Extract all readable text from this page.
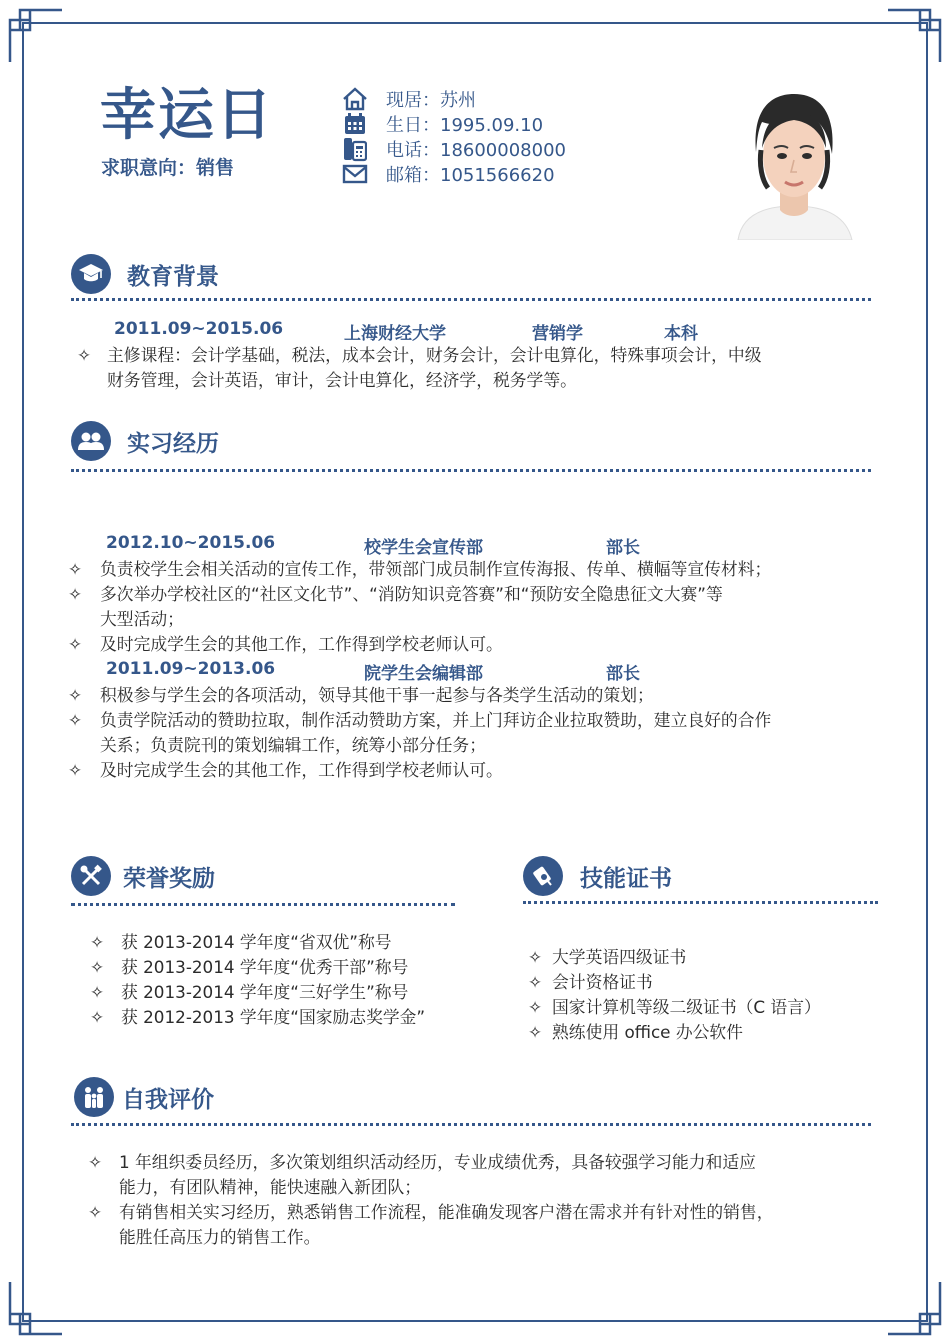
幸运日
求职意向：销售
现居：苏州
生日：1995.09.10
电话：18600008000
邮箱：1051566620
教育背景
2011.09~2015.06	上海财经大学	营销学	本科
✧ 主修课程：会计学基础，税法，成本会计，财务会计，会计电算化，特殊事项会计，中级
财务管理，会计英语，审计，会计电算化，经济学，税务学等。
实习经历
2012.10~2015.06	校学生会宣传部	部长
✧	负责校学生会相关活动的宣传工作，带领部门成员制作宣传海报、传单、横幅等宣传材料；
✧	多次举办学校社区的“社区文化节”、“消防知识竞答赛”和“预防安全隐患征文大赛”等
大型活动；
✧	及时完成学生会的其他工作，工作得到学校老师认可。
2011.09~2013.06	院学生会编辑部	部长
✧	积极参与学生会的各项活动，领导其他干事一起参与各类学生活动的策划；
✧	负责学院活动的赞助拉取，制作活动赞助方案，并上门拜访企业拉取赞助，建立良好的合作
关系；负责院刊的策划编辑工作，统筹小部分任务；
✧	及时完成学生会的其他工作，工作得到学校老师认可。
荣誉奖励
✧	获 2013-2014 学年度“省双优”称号
✧	获 2013-2014 学年度“优秀干部”称号
✧	获 2013-2014 学年度“三好学生”称号
✧	获 2012-2013 学年度“国家励志奖学金”
技能证书
✧ 大学英语四级证书
✧ 会计资格证书
✧ 国家计算机等级二级证书（C 语言）
✧ 熟练使用 office 办公软件
自我评价
✧	1 年组织委员经历，多次策划组织活动经历，专业成绩优秀，具备较强学习能力和适应
能力，有团队精神，能快速融入新团队；
✧	有销售相关实习经历，熟悉销售工作流程，能准确发现客户潜在需求并有针对性的销售，
能胜任高压力的销售工作。
